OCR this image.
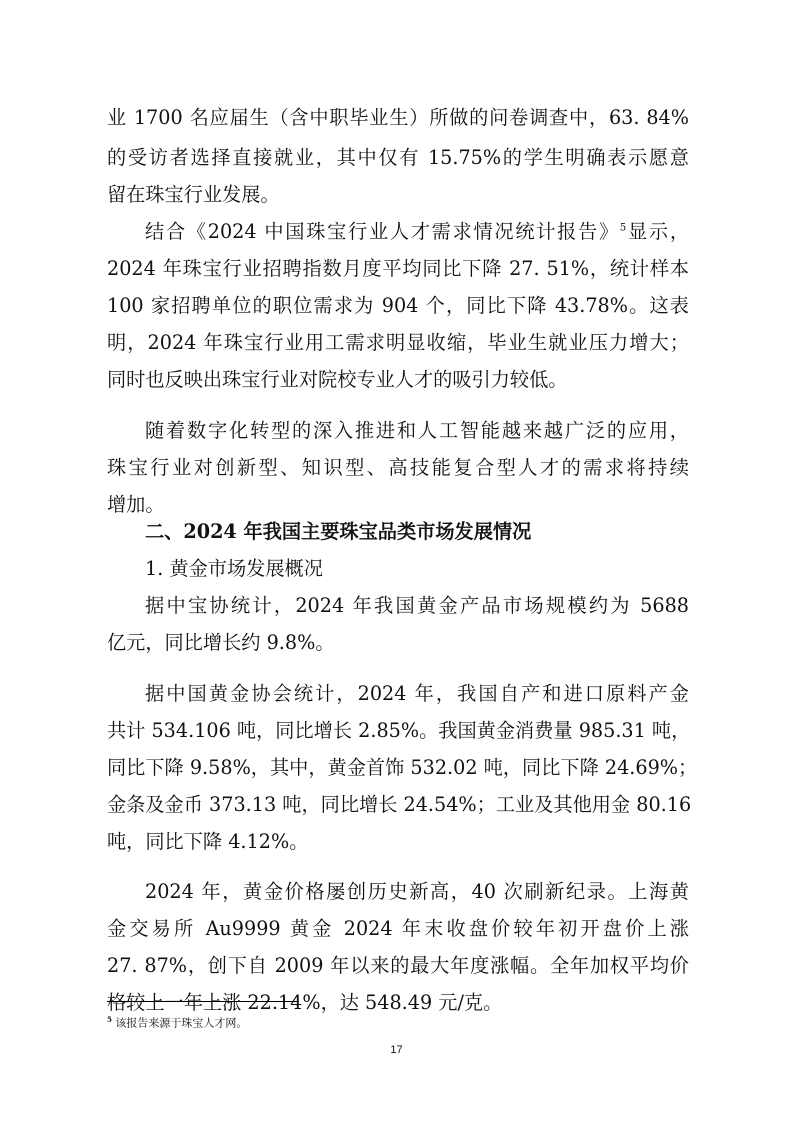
业 1700 名应届生（含中职毕业生）所做的问卷调查中，63. 84%
的受访者选择直接就业，其中仅有 15.75%的学生明确表示愿意
留在珠宝行业发展。
结合《2024 中国珠宝行业人才需求情况统计报告》$^5$显示，
2024 年珠宝行业招聘指数月度平均同比下降 27. 51%，统计样本
100 家招聘单位的职位需求为 904 个，同比下降 43.78%。这表
明，2024 年珠宝行业用工需求明显收缩，毕业生就业压力增大；
同时也反映出珠宝行业对院校专业人才的吸引力较低。
随着数字化转型的深入推进和人工智能越来越广泛的应用，
珠宝行业对创新型、知识型、高技能复合型人才的需求将持续
增加。
二、2024 年我国主要珠宝品类市场发展情况
1. 黄金市场发展概况
据中宝协统计，2024 年我国黄金产品市场规模约为 5688
亿元，同比增长约 9.8%。
据中国黄金协会统计，2024 年，我国自产和进口原料产金
共计 534.106 吨，同比增长 2.85%。我国黄金消费量 985.31 吨，
同比下降 9.58%，其中，黄金首饰 532.02 吨，同比下降 24.69%；
金条及金币 373.13 吨，同比增长 24.54%；工业及其他用金 80.16
吨，同比下降 4.12%。
2024 年，黄金价格屡创历史新高，40 次刷新纪录。上海黄
金交易所 Au9999 黄金 2024 年末收盘价较年初开盘价上涨
27. 87%，创下自 2009 年以来的最大年度涨幅。全年加权平均价
格较上一年上涨 22.14%，达 548.49 元/克。
$^5$ 该报告来源于珠宝人才网。
17
